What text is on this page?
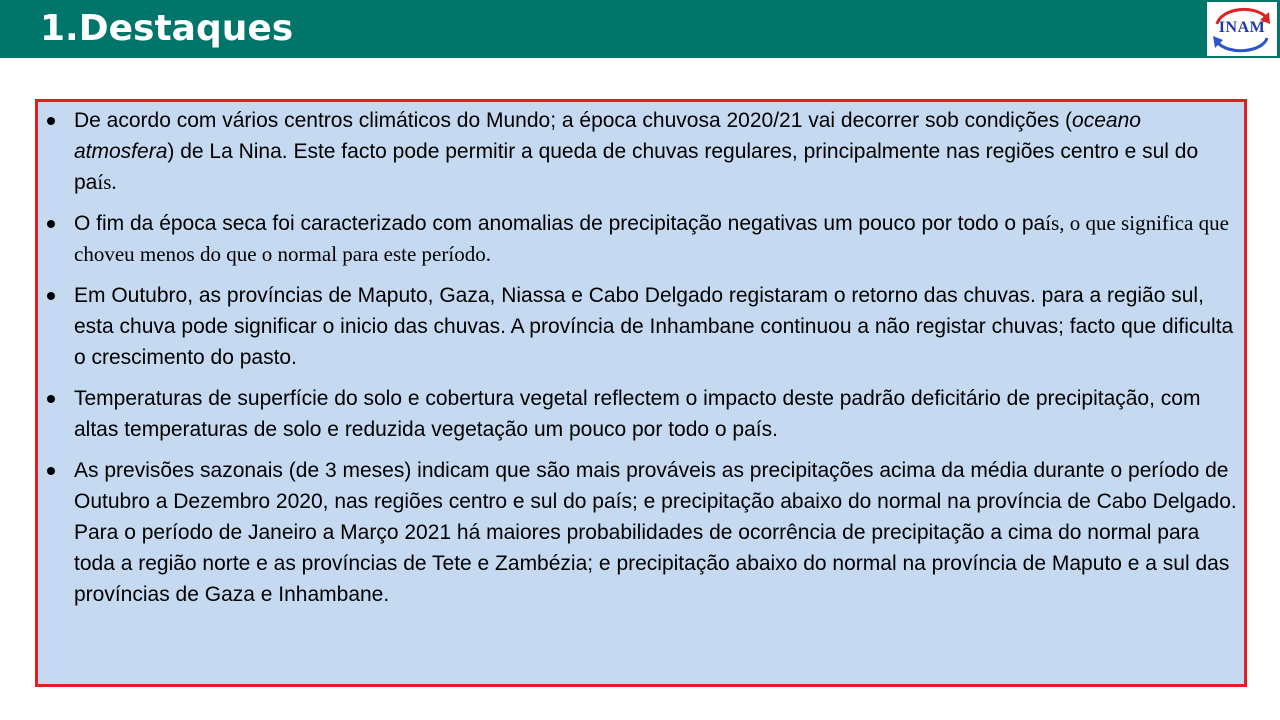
1.Destaques	INAM
De acordo com vários centros climáticos do Mundo; a época chuvosa 2020/21 vai decorrer sob condições (oceano atmosfera) de La Nina. Este facto pode permitir a queda de chuvas regulares, principalmente nas regiões centro e sul do país.
O fim da época seca foi caracterizado com anomalias de precipitação negativas um pouco por todo o país, o que significa que choveu menos do que o normal para este período.
Em Outubro, as províncias de Maputo, Gaza, Niassa e Cabo Delgado registaram o retorno das chuvas. para a região sul, esta chuva pode significar o inicio das chuvas. A província de Inhambane continuou a não registar chuvas; facto que dificulta o crescimento do pasto.
Temperaturas de superfície do solo e cobertura vegetal reflectem o impacto deste padrão deficitário de precipitação, com altas temperaturas de solo e reduzida vegetação um pouco por todo o país.
As previsões sazonais (de 3 meses) indicam que são mais prováveis as precipitações acima da média durante o período de Outubro a Dezembro 2020, nas regiões centro e sul do país; e precipitação abaixo do normal na província de Cabo Delgado. Para o período de Janeiro a Março 2021 há maiores probabilidades de ocorrência de precipitação a cima do normal para toda a região norte e as províncias de Tete e Zambézia; e precipitação abaixo do normal na província de Maputo e a sul das províncias de Gaza e Inhambane.
